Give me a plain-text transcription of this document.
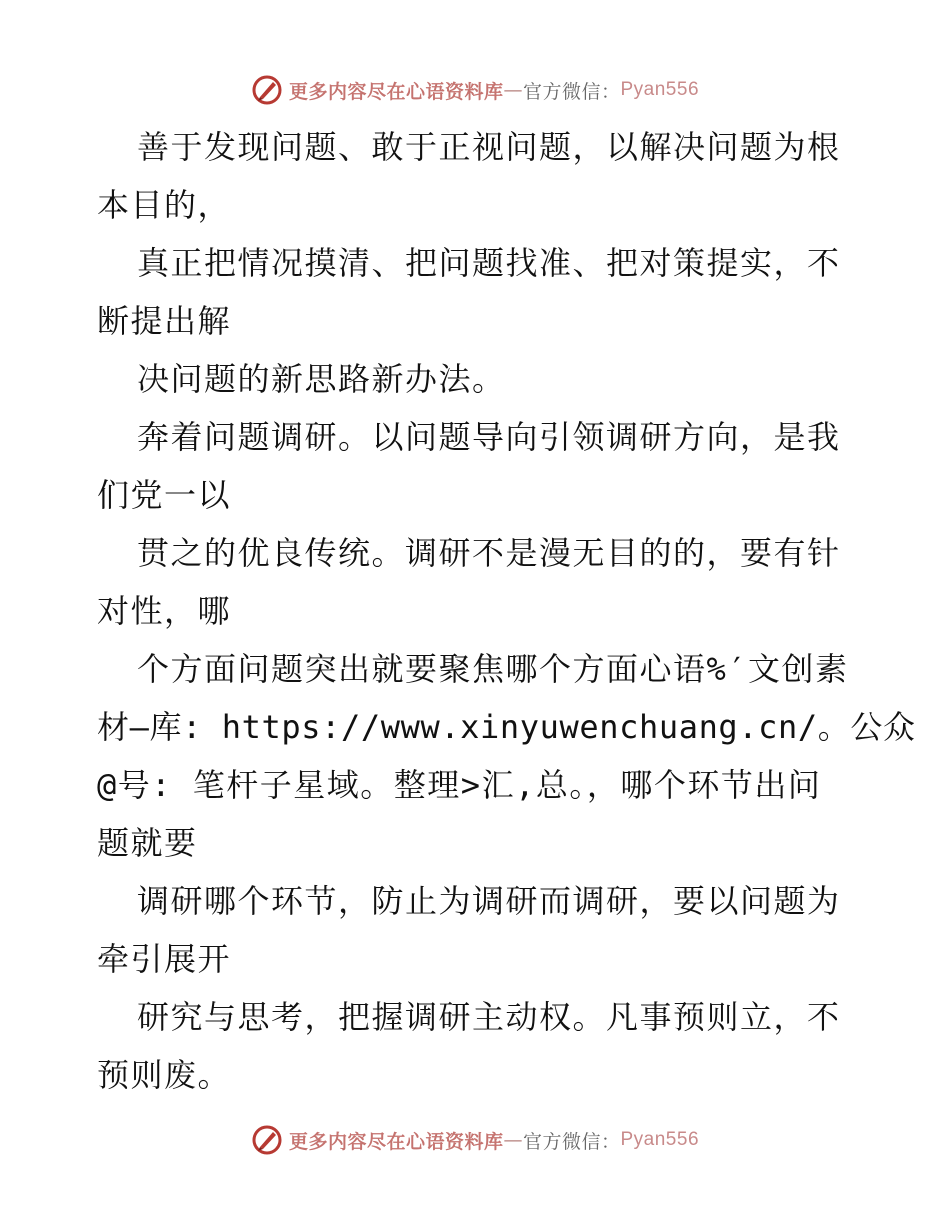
更多内容尽在心语资料库 — 官方微信： Pyan556
善于发现问题、敢于正视问题，以解决问题为根
本目的，
真正把情况摸清、把问题找准、把对策提实，不
断提出解
决问题的新思路新办法。
奔着问题调研。以问题导向引领调研方向，是我
们党一以
贯之的优良传统。调研不是漫无目的的，要有针
对性，哪
个方面问题突出就要聚焦哪个方面心语%′文创素
材—库: https://www.xinyuwenchuang.cn/。公众
@号: 笔杆子星域。整理>汇,总。，哪个环节出问
题就要
调研哪个环节，防止为调研而调研，要以问题为
牵引展开
研究与思考，把握调研主动权。凡事预则立，不
预则废。
更多内容尽在心语资料库 — 官方微信： Pyan556
